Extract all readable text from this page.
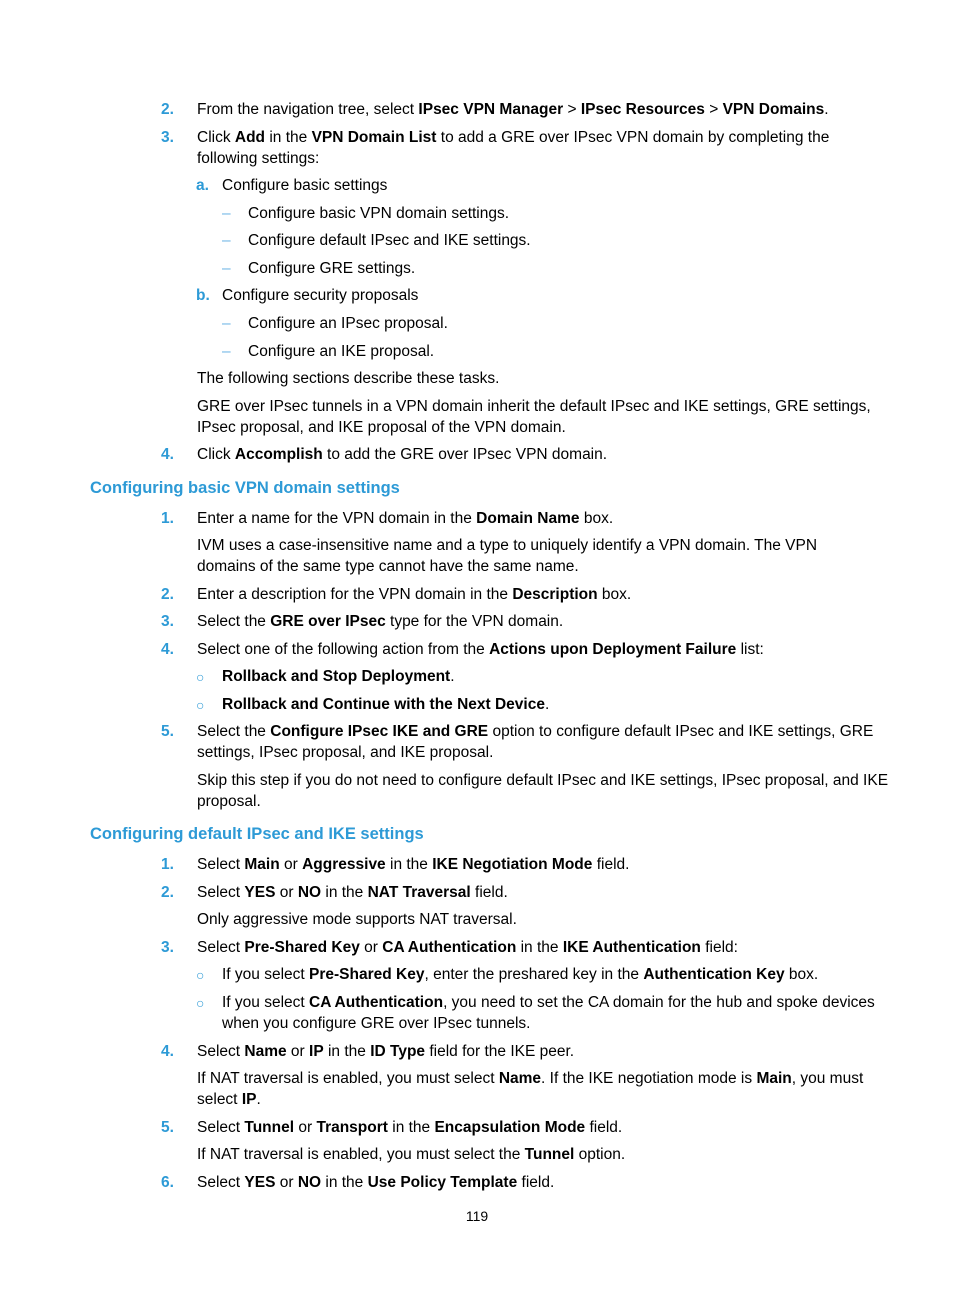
2. From the navigation tree, select IPsec VPN Manager > IPsec Resources > VPN Domains.
3. Click Add in the VPN Domain List to add a GRE over IPsec VPN domain by completing the
following settings:
a. Configure basic settings
– Configure basic VPN domain settings.
– Configure default IPsec and IKE settings.
– Configure GRE settings.
b. Configure security proposals
– Configure an IPsec proposal.
– Configure an IKE proposal.
The following sections describe these tasks.
GRE over IPsec tunnels in a VPN domain inherit the default IPsec and IKE settings, GRE settings,
IPsec proposal, and IKE proposal of the VPN domain.
4. Click Accomplish to add the GRE over IPsec VPN domain.
Configuring basic VPN domain settings
1. Enter a name for the VPN domain in the Domain Name box.
IVM uses a case-insensitive name and a type to uniquely identify a VPN domain. The VPN
domains of the same type cannot have the same name.
2. Enter a description for the VPN domain in the Description box.
3. Select the GRE over IPsec type for the VPN domain.
4. Select one of the following action from the Actions upon Deployment Failure list:
○ Rollback and Stop Deployment.
○ Rollback and Continue with the Next Device.
5. Select the Configure IPsec IKE and GRE option to configure default IPsec and IKE settings, GRE
settings, IPsec proposal, and IKE proposal.
Skip this step if you do not need to configure default IPsec and IKE settings, IPsec proposal, and IKE
proposal.
Configuring default IPsec and IKE settings
1. Select Main or Aggressive in the IKE Negotiation Mode field.
2. Select YES or NO in the NAT Traversal field.
Only aggressive mode supports NAT traversal.
3. Select Pre-Shared Key or CA Authentication in the IKE Authentication field:
○ If you select Pre-Shared Key, enter the preshared key in the Authentication Key box.
○ If you select CA Authentication, you need to set the CA domain for the hub and spoke devices
when you configure GRE over IPsec tunnels.
4. Select Name or IP in the ID Type field for the IKE peer.
If NAT traversal is enabled, you must select Name. If the IKE negotiation mode is Main, you must
select IP.
5. Select Tunnel or Transport in the Encapsulation Mode field.
If NAT traversal is enabled, you must select the Tunnel option.
6. Select YES or NO in the Use Policy Template field.
119
